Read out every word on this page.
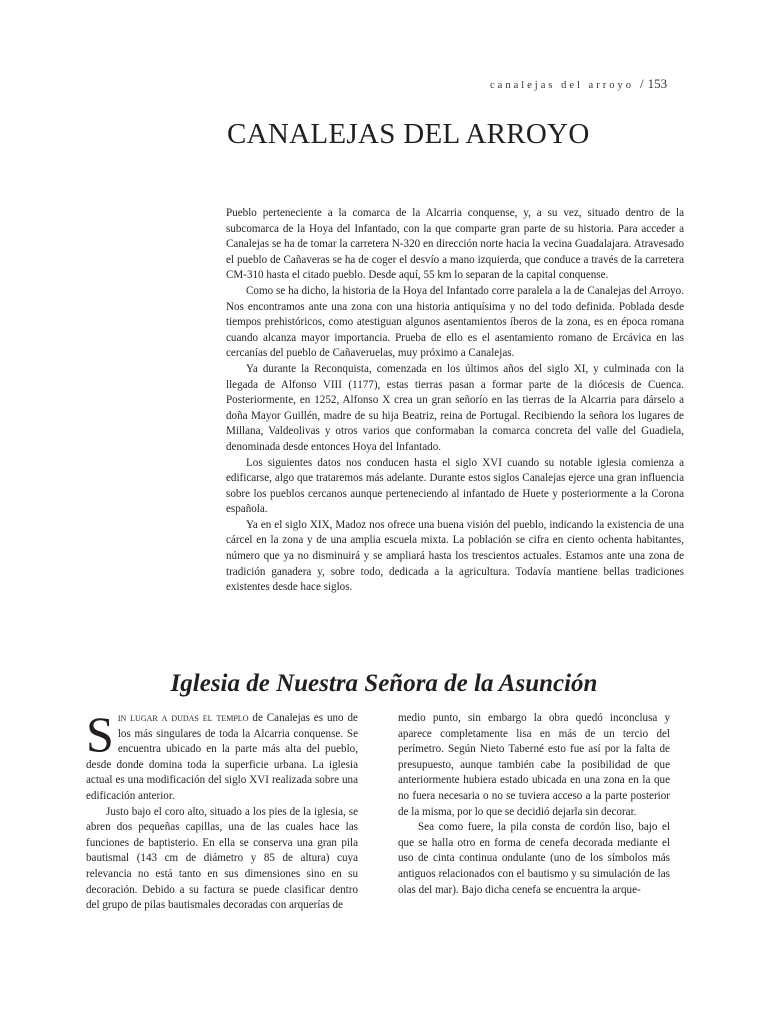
canalejas del arroyo / 153
CANALEJAS DEL ARROYO

Pueblo perteneciente a la comarca de la Alcarria conquense, y, a su vez, situado dentro de la subcomarca de la Hoya del Infantado, con la que comparte gran parte de su historia. Para acceder a Canalejas se ha de tomar la carretera N-320 en dirección norte hacia la vecina Guadalajara. Atravesado el pueblo de Cañaveras se ha de coger el desvío a mano izquierda, que conduce a través de la carretera CM-310 hasta el citado pueblo. Desde aquí, 55 km lo separan de la capital conquense.

Como se ha dicho, la historia de la Hoya del Infantado corre paralela a la de Canalejas del Arroyo. Nos encontramos ante una zona con una historia antiquísima y no del todo definida. Poblada desde tiempos prehistóricos, como atestiguan algunos asentamientos íberos de la zona, es en época romana cuando alcanza mayor importancia. Prueba de ello es el asentamiento romano de Ercávica en las cercanías del pueblo de Cañaveruelas, muy próximo a Canalejas.

Ya durante la Reconquista, comenzada en los últimos años del siglo XI, y culminada con la llegada de Alfonso VIII (1177), estas tierras pasan a formar parte de la diócesis de Cuenca. Posteriormente, en 1252, Alfonso X crea un gran señorío en las tierras de la Alcarria para dárselo a doña Mayor Guillén, madre de su hija Beatriz, reina de Portugal. Recibiendo la señora los lugares de Millana, Valdeolivas y otros varios que conformaban la comarca concreta del valle del Guadiela, denominada desde entonces Hoya del Infantado.

Los siguientes datos nos conducen hasta el siglo XVI cuando su notable iglesia comienza a edificarse, algo que trataremos más adelante. Durante estos siglos Canalejas ejerce una gran influencia sobre los pueblos cercanos aunque perteneciendo al infantado de Huete y posteriormente a la Corona española.

Ya en el siglo XIX, Madoz nos ofrece una buena visión del pueblo, indicando la existencia de una cárcel en la zona y de una amplia escuela mixta. La población se cifra en ciento ochenta habitantes, número que ya no disminuirá y se ampliará hasta los trescientos actuales. Estamos ante una zona de tradición ganadera y, sobre todo, dedicada a la agricultura. Todavía mantiene bellas tradiciones existentes desde hace siglos.

Iglesia de Nuestra Señora de la Asunción

Sin lugar a dudas el templo de Canalejas es uno de los más singulares de toda la Alcarria conquense. Se encuentra ubicado en la parte más alta del pueblo, desde donde domina toda la superficie urbana. La iglesia actual es una modificación del siglo XVI realizada sobre una edificación anterior.

Justo bajo el coro alto, situado a los pies de la iglesia, se abren dos pequeñas capillas, una de las cuales hace las funciones de baptisterio. En ella se conserva una gran pila bautismal (143 cm de diámetro y 85 de altura) cuya relevancia no está tanto en sus dimensiones sino en su decoración. Debido a su factura se puede clasificar dentro del grupo de pilas bautismales decoradas con arquerías de

medio punto, sin embargo la obra quedó inconclusa y aparece completamente lisa en más de un tercio del perímetro. Según Nieto Taberné esto fue así por la falta de presupuesto, aunque también cabe la posibilidad de que anteriormente hubiera estado ubicada en una zona en la que no fuera necesaria o no se tuviera acceso a la parte posterior de la misma, por lo que se decidió dejarla sin decorar.

Sea como fuere, la pila consta de cordón liso, bajo el que se halla otro en forma de cenefa decorada mediante el uso de cinta continua ondulante (uno de los símbolos más antiguos relacionados con el bautismo y su simulación de las olas del mar). Bajo dicha cenefa se encuentra la arque-
